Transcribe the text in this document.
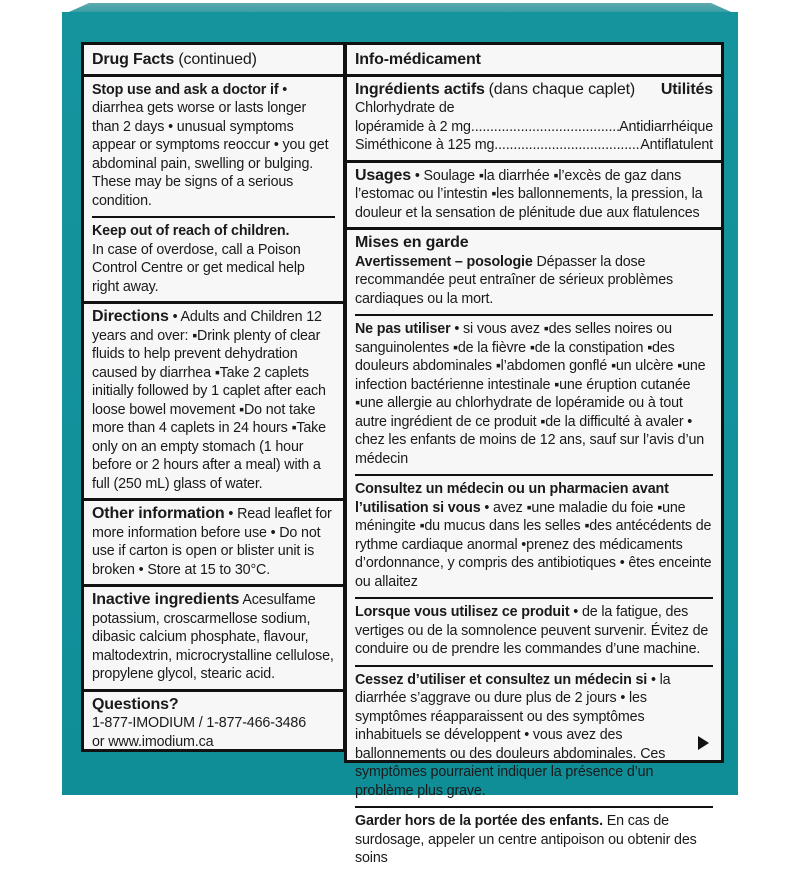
Drug Facts (continued)
Stop use and ask a doctor if • diarrhea gets worse or lasts longer than 2 days • unusual symptoms appear or symptoms reoccur • you get abdominal pain, swelling or bulging. These may be signs of a serious condition.
Keep out of reach of children.
In case of overdose, call a Poison Control Centre or get medical help right away.
Directions • Adults and Children 12 years and over: ▪Drink plenty of clear fluids to help prevent dehydration caused by diarrhea ▪Take 2 caplets initially followed by 1 caplet after each loose bowel movement ▪Do not take more than 4 caplets in 24 hours ▪Take only on an empty stomach (1 hour before or 2 hours after a meal) with a full (250 mL) glass of water.
Other information • Read leaflet for more information before use • Do not use if carton is open or blister unit is broken • Store at 15 to 30°C.
Inactive ingredients Acesulfame potassium, croscarmellose sodium, dibasic calcium phosphate, flavour, maltodextrin, microcrystalline cellulose, propylene glycol, stearic acid.
Questions?
1-877-IMODIUM / 1-877-466-3486
or www.imodium.ca
Info-médicament
Ingrédients actifs (dans chaque caplet) Utilités
Chlorhydrate de
lopéramide à 2 mg .....	Antidiarrhéique
Siméthicone à 125 mg .....	Antiflatulent
Usages • Soulage ▪la diarrhée ▪l’excès de gaz dans l’estomac ou l’intestin ▪les ballonnements, la pression, la douleur et la sensation de plénitude due aux flatulences
Mises en garde
Avertissement – posologie Dépasser la dose recommandée peut entraîner de sérieux problèmes cardiaques ou la mort.
Ne pas utiliser • si vous avez ▪des selles noires ou sanguinolentes ▪de la fièvre ▪de la constipation ▪des douleurs abdominales ▪l’abdomen gonflé ▪un ulcère ▪une infection bactérienne intestinale ▪une éruption cutanée ▪une allergie au chlorhydrate de lopéramide ou à tout autre ingrédient de ce produit ▪de la difficulté à avaler • chez les enfants de moins de 12 ans, sauf sur l’avis d’un médecin
Consultez un médecin ou un pharmacien avant l’utilisation si vous • avez ▪une maladie du foie ▪une méningite ▪du mucus dans les selles ▪des antécédents de rythme cardiaque anormal •prenez des médicaments d’ordonnance, y compris des antibiotiques • êtes enceinte ou allaitez
Lorsque vous utilisez ce produit • de la fatigue, des vertiges ou de la somnolence peuvent survenir. Évitez de conduire ou de prendre les commandes d’une machine.
Cessez d’utiliser et consultez un médecin si • la diarrhée s’aggrave ou dure plus de 2 jours • les symptômes réapparaissent ou des symptômes inhabituels se développent • vous avez des ballonnements ou des douleurs abdominales. Ces symptômes pourraient indiquer la présence d’un problème plus grave.
Garder hors de la portée des enfants. En cas de surdosage, appeler un centre antipoison ou obtenir des soins
